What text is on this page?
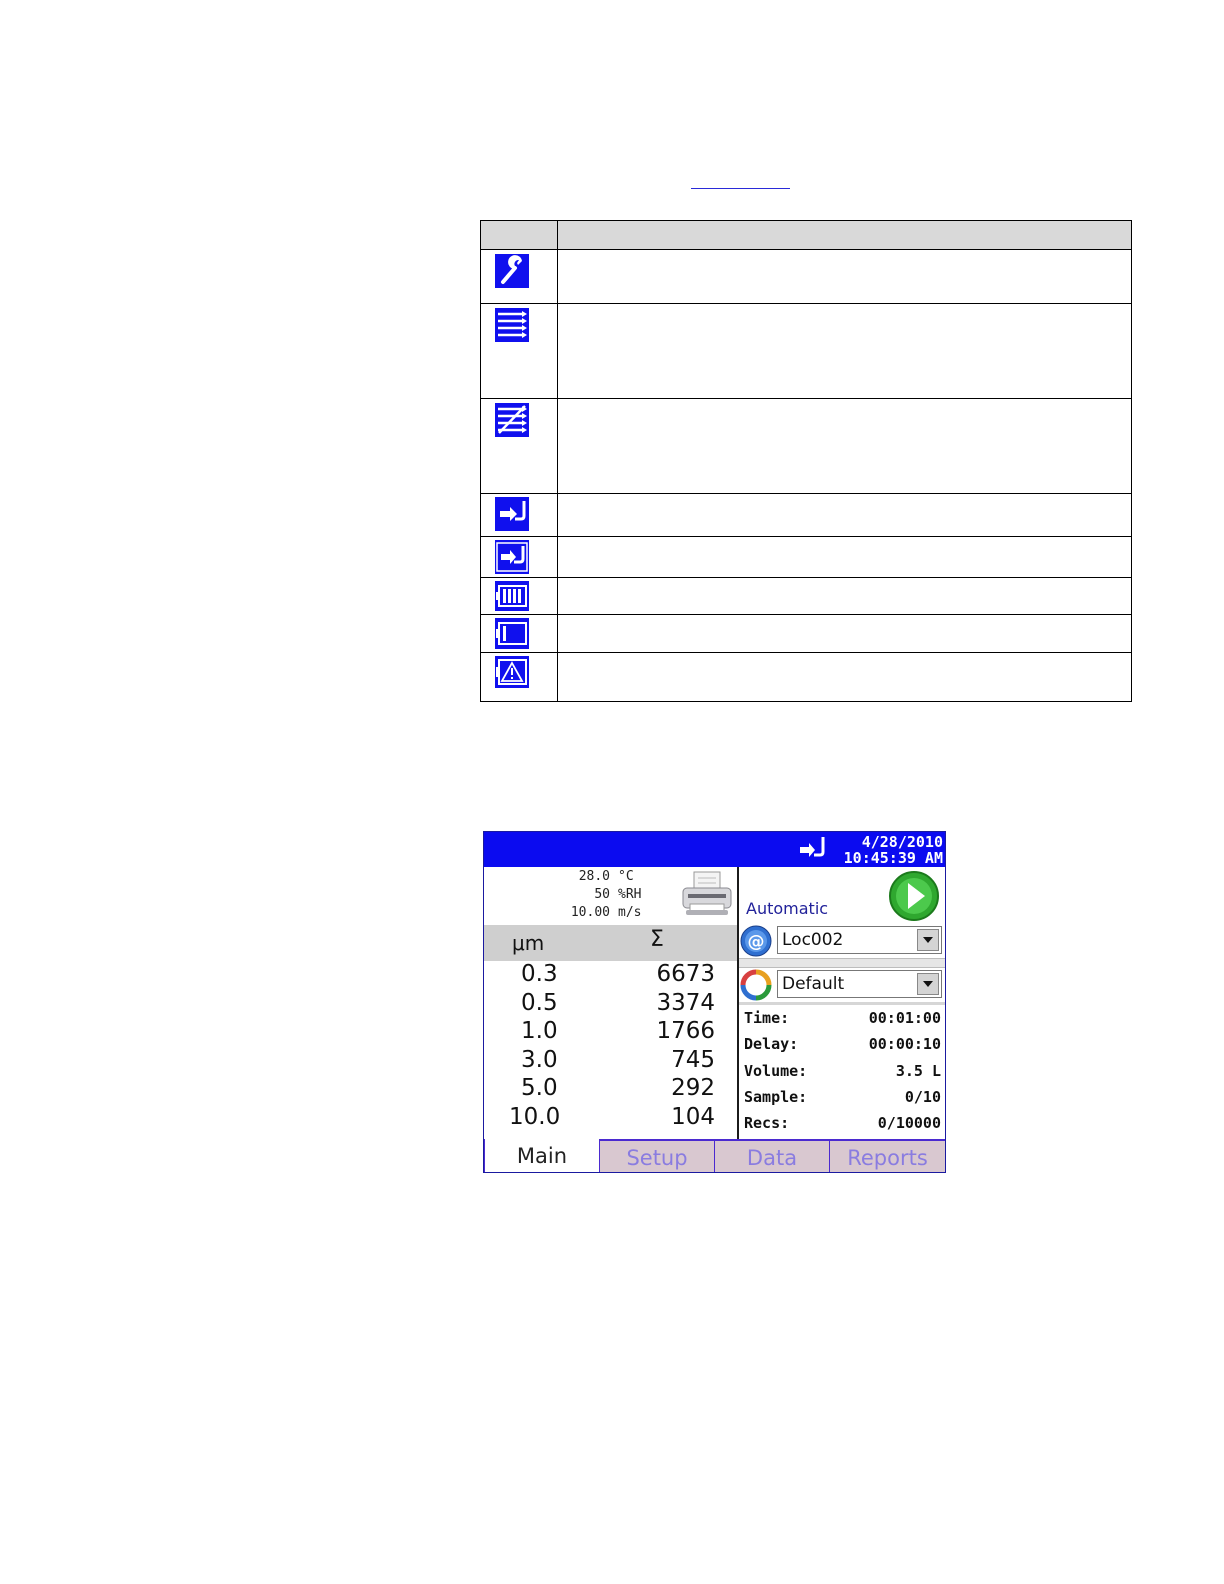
4/28/2010
10:45:39 AM
28.0 °C
50 %RH
10.00 m/s
μm	Σ
0.3	6673
0.5	3374
1.0	1766
3.0	745
5.0	292
10.0	104
Automatic
@ Loc002
Default
Time:	00:01:00
Delay:	00:00:10
Volume:	3.5 L
Sample:	0/10
Recs:	0/10000
Main	Setup	Data	Reports
